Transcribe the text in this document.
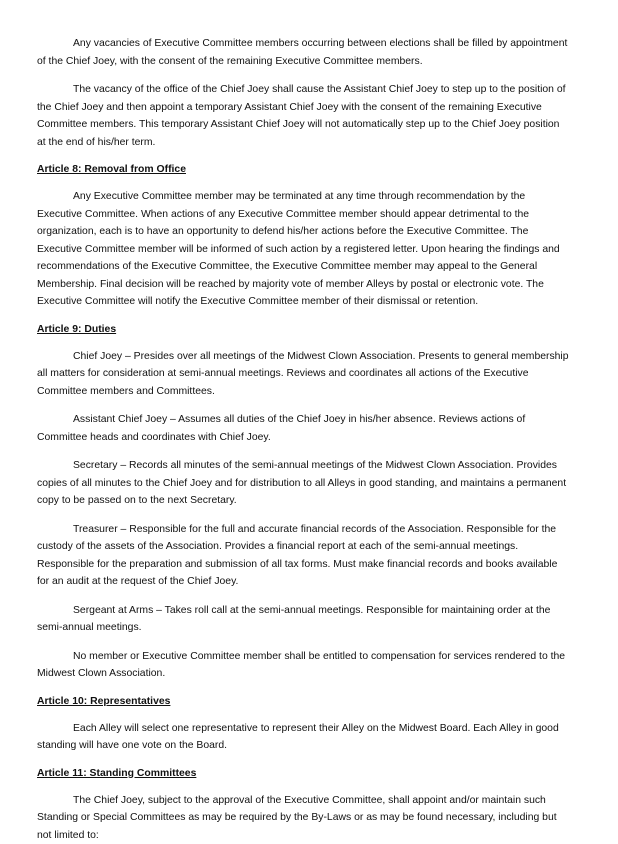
Any vacancies of Executive Committee members occurring between elections shall be filled by appointment of the Chief Joey, with the consent of the remaining Executive Committee members.

The vacancy of the office of the Chief Joey shall cause the Assistant Chief Joey to step up to the position of the Chief Joey and then appoint a temporary Assistant Chief Joey with the consent of the remaining Executive Committee members. This temporary Assistant Chief Joey will not automatically step up to the Chief Joey position at the end of his/her term.

Article 8: Removal from Office

Any Executive Committee member may be terminated at any time through recommendation by the Executive Committee. When actions of any Executive Committee member should appear detrimental to the organization, each is to have an opportunity to defend his/her actions before the Executive Committee. The Executive Committee member will be informed of such action by a registered letter. Upon hearing the findings and recommendations of the Executive Committee, the Executive Committee member may appeal to the General Membership. Final decision will be reached by majority vote of member Alleys by postal or electronic vote. The Executive Committee will notify the Executive Committee member of their dismissal or retention.

Article 9: Duties

Chief Joey – Presides over all meetings of the Midwest Clown Association. Presents to general membership all matters for consideration at semi-annual meetings. Reviews and coordinates all actions of the Executive Committee members and Committees.

Assistant Chief Joey – Assumes all duties of the Chief Joey in his/her absence. Reviews actions of Committee heads and coordinates with Chief Joey.

Secretary – Records all minutes of the semi-annual meetings of the Midwest Clown Association. Provides copies of all minutes to the Chief Joey and for distribution to all Alleys in good standing, and maintains a permanent copy to be passed on to the next Secretary.

Treasurer – Responsible for the full and accurate financial records of the Association. Responsible for the custody of the assets of the Association. Provides a financial report at each of the semi-annual meetings. Responsible for the preparation and submission of all tax forms. Must make financial records and books available for an audit at the request of the Chief Joey.

Sergeant at Arms – Takes roll call at the semi-annual meetings. Responsible for maintaining order at the semi-annual meetings.

No member or Executive Committee member shall be entitled to compensation for services rendered to the Midwest Clown Association.

Article 10: Representatives

Each Alley will select one representative to represent their Alley on the Midwest Board. Each Alley in good standing will have one vote on the Board.

Article 11: Standing Committees

The Chief Joey, subject to the approval of the Executive Committee, shall appoint and/or maintain such Standing or Special Committees as may be required by the By-Laws or as may be found necessary, including but not limited to:
